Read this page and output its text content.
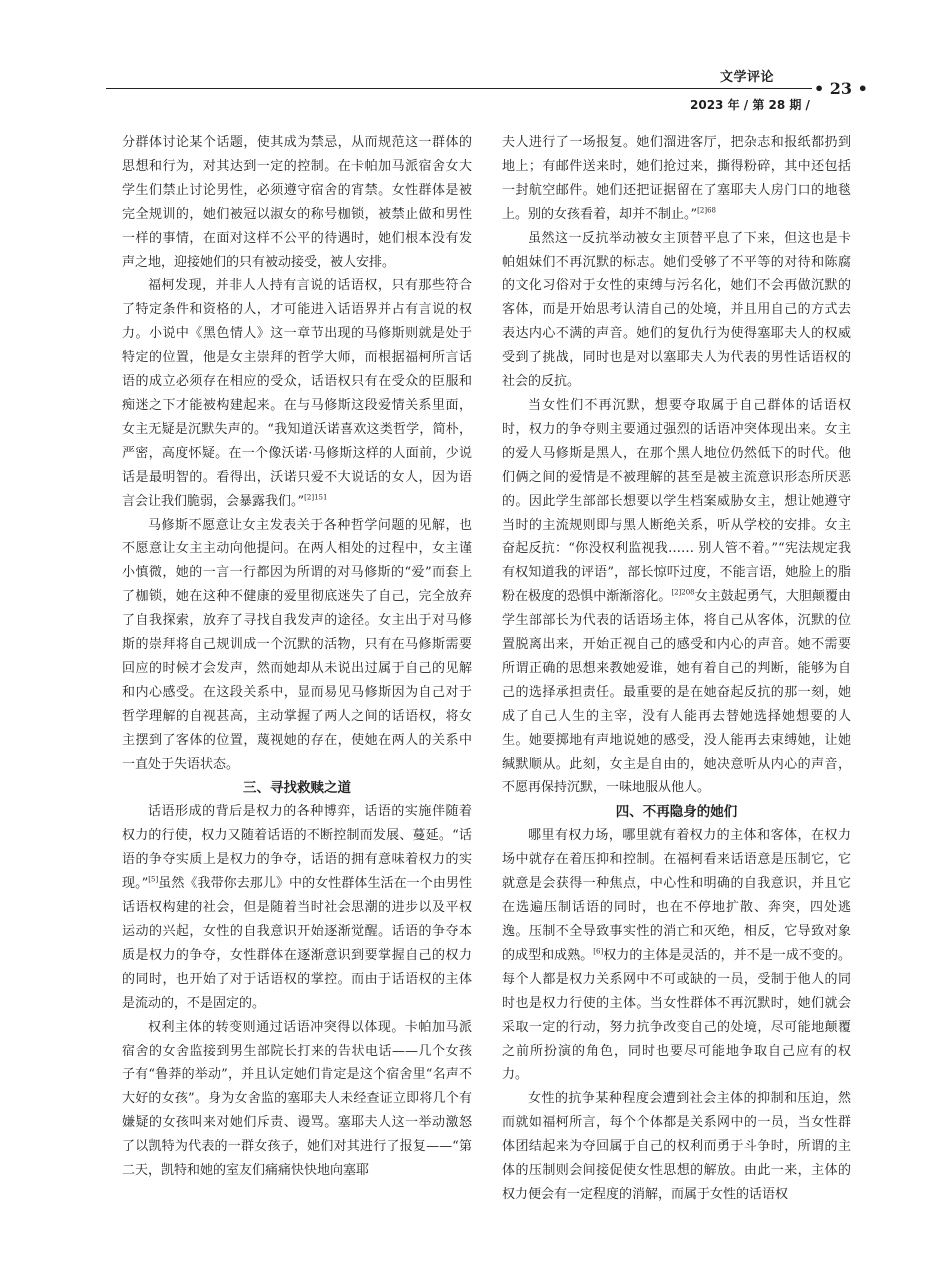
文学评论
• 23 •
2023 年 / 第 28 期 /

分群体讨论某个话题，使其成为禁忌，从而规范这一群体的思想和行为，对其达到一定的控制。在卡帕加马派宿舍女大学生们禁止讨论男性，必须遵守宿舍的宵禁。女性群体是被完全规训的，她们被冠以淑女的称号枷锁，被禁止做和男性一样的事情，在面对这样不公平的待遇时，她们根本没有发声之地，迎接她们的只有被动接受，被人安排。

福柯发现，并非人人持有言说的话语权，只有那些符合了特定条件和资格的人，才可能进入话语界并占有言说的权力。小说中《黑色情人》这一章节出现的马修斯则就是处于特定的位置，他是女主崇拜的哲学大师，而根据福柯所言话语的成立必须存在相应的受众，话语权只有在受众的臣服和痴迷之下才能被构建起来。在与马修斯这段爱情关系里面，女主无疑是沉默失声的。“我知道沃诺喜欢这类哲学，简朴，严密，高度怀疑。在一个像沃诺·马修斯这样的人面前，少说话是最明智的。看得出，沃诺只爱不大说话的女人，因为语言会让我们脆弱，会暴露我们。”$^{[2]151}$

马修斯不愿意让女主发表关于各种哲学问题的见解，也不愿意让女主主动向他提问。在两人相处的过程中，女主谨小慎微，她的一言一行都因为所谓的对马修斯的“爱”而套上了枷锁，她在这种不健康的爱里彻底迷失了自己，完全放弃了自我探索，放弃了寻找自我发声的途径。女主出于对马修斯的崇拜将自己规训成一个沉默的活物，只有在马修斯需要回应的时候才会发声，然而她却从未说出过属于自己的见解和内心感受。在这段关系中，显而易见马修斯因为自己对于哲学理解的自视甚高，主动掌握了两人之间的话语权，将女主摆到了客体的位置，蔑视她的存在，使她在两人的关系中一直处于失语状态。

三、寻找救赎之道

话语形成的背后是权力的各种博弈，话语的实施伴随着权力的行使，权力又随着话语的不断控制而发展、蔓延。“话语的争夺实质上是权力的争夺，话语的拥有意味着权力的实现。”[5]虽然《我带你去那儿》中的女性群体生活在一个由男性话语权构建的社会，但是随着当时社会思潮的进步以及平权运动的兴起，女性的自我意识开始逐渐觉醒。话语的争夺本质是权力的争夺，女性群体在逐渐意识到要掌握自己的权力的同时，也开始了对于话语权的掌控。而由于话语权的主体是流动的，不是固定的。

权利主体的转变则通过话语冲突得以体现。卡帕加马派宿舍的女舍监接到男生部院长打来的告状电话——几个女孩子有“鲁莽的举动”，并且认定她们肯定是这个宿舍里“名声不大好的女孩”。身为女舍监的塞耶夫人未经查证立即将几个有嫌疑的女孩叫来对她们斥责、谩骂。塞耶夫人这一举动激怒了以凯特为代表的一群女孩子，她们对其进行了报复——“第二天，凯特和她的室友们痛痛快快地向塞耶

夫人进行了一场报复。她们溜进客厅，把杂志和报纸都扔到地上；有邮件送来时，她们抢过来，撕得粉碎，其中还包括一封航空邮件。她们还把证据留在了塞耶夫人房门口的地毯上。别的女孩看着，却并不制止。”$^{[2]68}$

虽然这一反抗举动被女主顶替平息了下来，但这也是卡帕姐妹们不再沉默的标志。她们受够了不平等的对待和陈腐的文化习俗对于女性的束缚与污名化，她们不会再做沉默的客体，而是开始思考认清自己的处境，并且用自己的方式去表达内心不满的声音。她们的复仇行为使得塞耶夫人的权威受到了挑战，同时也是对以塞耶夫人为代表的男性话语权的社会的反抗。

当女性们不再沉默，想要夺取属于自己群体的话语权时，权力的争夺则主要通过强烈的话语冲突体现出来。女主的爱人马修斯是黑人，在那个黑人地位仍然低下的时代。他们俩之间的爱情是不被理解的甚至是被主流意识形态所厌恶的。因此学生部部长想要以学生档案威胁女主，想让她遵守当时的主流规则即与黑人断绝关系，听从学校的安排。女主奋起反抗：“你没权利监视我…… 别人管不着。”“宪法规定我有权知道我的评语”，部长惊吓过度，不能言语，她脸上的脂粉在极度的恐惧中渐渐溶化。$^{[2]208}$女主鼓起勇气，大胆颠覆由学生部部长为代表的话语场主体，将自己从客体，沉默的位置脱离出来，开始正视自己的感受和内心的声音。她不需要所谓正确的思想来教她爱谁，她有着自己的判断，能够为自己的选择承担责任。最重要的是在她奋起反抗的那一刻，她成了自己人生的主宰，没有人能再去替她选择她想要的人生。她要掷地有声地说她的感受，没人能再去束缚她，让她缄默顺从。此刻，女主是自由的，她决意听从内心的声音，不愿再保持沉默，一味地服从他人。

四、不再隐身的她们

哪里有权力场，哪里就有着权力的主体和客体，在权力场中就存在着压抑和控制。在福柯看来话语意是压制它，它就意是会获得一种焦点，中心性和明确的自我意识，并且它在选遍压制话语的同时，也在不停地扩散、奔突，四处逃逸。压制不全导致事实性的消亡和灭绝，相反，它导致对象的成型和成熟。[6]权力的主体是灵活的，并不是一成不变的。每个人都是权力关系网中不可或缺的一员，受制于他人的同时也是权力行使的主体。当女性群体不再沉默时，她们就会采取一定的行动，努力抗争改变自己的处境，尽可能地颠覆之前所扮演的角色，同时也要尽可能地争取自己应有的权力。

女性的抗争某种程度会遭到社会主体的抑制和压迫，然而就如福柯所言，每个个体都是关系网中的一员，当女性群体团结起来为夺回属于自己的权利而勇于斗争时，所谓的主体的压制则会间接促使女性思想的解放。由此一来，主体的权力便会有一定程度的消解，而属于女性的话语权
